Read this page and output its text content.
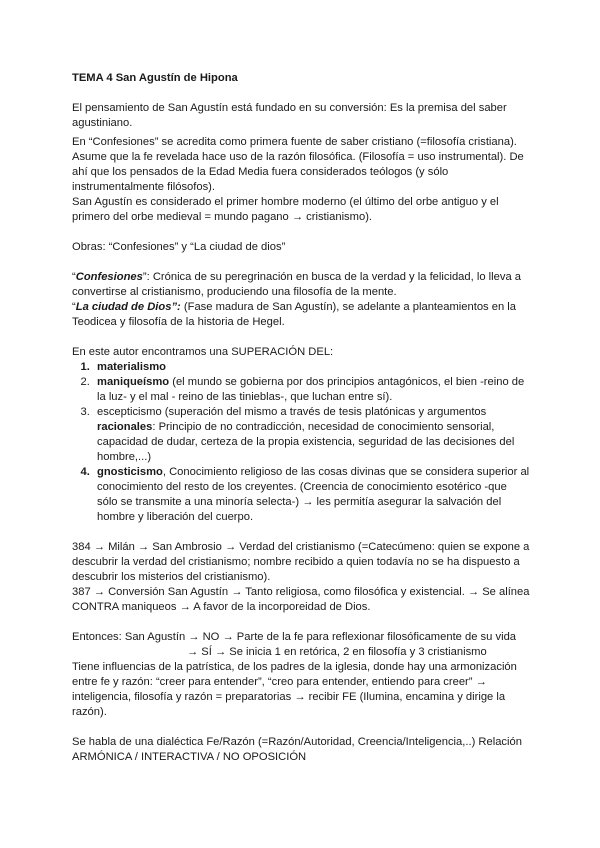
TEMA 4 San Agustín de Hipona

El pensamiento de San Agustín está fundado en su conversión: Es la premisa del saber agustiniano.

En “Confesiones” se acredita como primera fuente de saber cristiano (=filosofía cristiana). Asume que la fe revelada hace uso de la razón filosófica. (Filosofía = uso instrumental). De ahí que los pensados de la Edad Media fuera considerados teólogos (y sólo instrumentalmente filósofos).

San Agustín es considerado el primer hombre moderno (el último del orbe antiguo y el primero del orbe medieval = mundo pagano → cristianismo).

Obras: “Confesiones” y “La ciudad de dios”

“Confesiones”: Crónica de su peregrinación en busca de la verdad y la felicidad, lo lleva a convertirse al cristianismo, produciendo una filosofía de la mente.

“La ciudad de Dios”: (Fase madura de San Agustín), se adelante a planteamientos en la Teodicea y filosofía de la historia de Hegel.

En este autor encontramos una SUPERACIÓN DEL:

1. materialismo
2. maniqueísmo (el mundo se gobierna por dos principios antagónicos, el bien -reino de la luz- y el mal - reino de las tinieblas-, que luchan entre sí).
3. escepticismo (superación del mismo a través de tesis platónicas y argumentos racionales: Principio de no contradicción, necesidad de conocimiento sensorial, capacidad de dudar, certeza de la propia existencia, seguridad de las decisiones del hombre,...)
4. gnosticismo, Conocimiento religioso de las cosas divinas que se considera superior al conocimiento del resto de los creyentes. (Creencia de conocimiento esotérico -que sólo se transmite a una minoría selecta-) → les permitía asegurar la salvación del hombre y liberación del cuerpo.

384 → Milán → San Ambrosio → Verdad del cristianismo (=Catecúmeno: quien se expone a descubrir la verdad del cristianismo; nombre recibido a quien todavía no se ha dispuesto a descubrir los misterios del cristianismo).

387 → Conversión San Agustín → Tanto religiosa, como filosófica y existencial. → Se alínea CONTRA maniqueos → A favor de la incorporeidad de Dios.

Entonces: San Agustín → NO → Parte de la fe para reflexionar filosóficamente de su vida

→ SÍ → Se inicia 1 en retórica, 2 en filosofía y 3 cristianismo

Tiene influencias de la patrística, de los padres de la iglesia, donde hay una armonización entre fe y razón: “creer para entender”, “creo para entender, entiendo para creer” → inteligencia, filosofía y razón = preparatorias → recibir FE (Ilumina, encamina y dirige la razón).

Se habla de una dialéctica Fe/Razón (=Razón/Autoridad, Creencia/Inteligencia,..) Relación ARMÓNICA / INTERACTIVA / NO OPOSICIÓN
